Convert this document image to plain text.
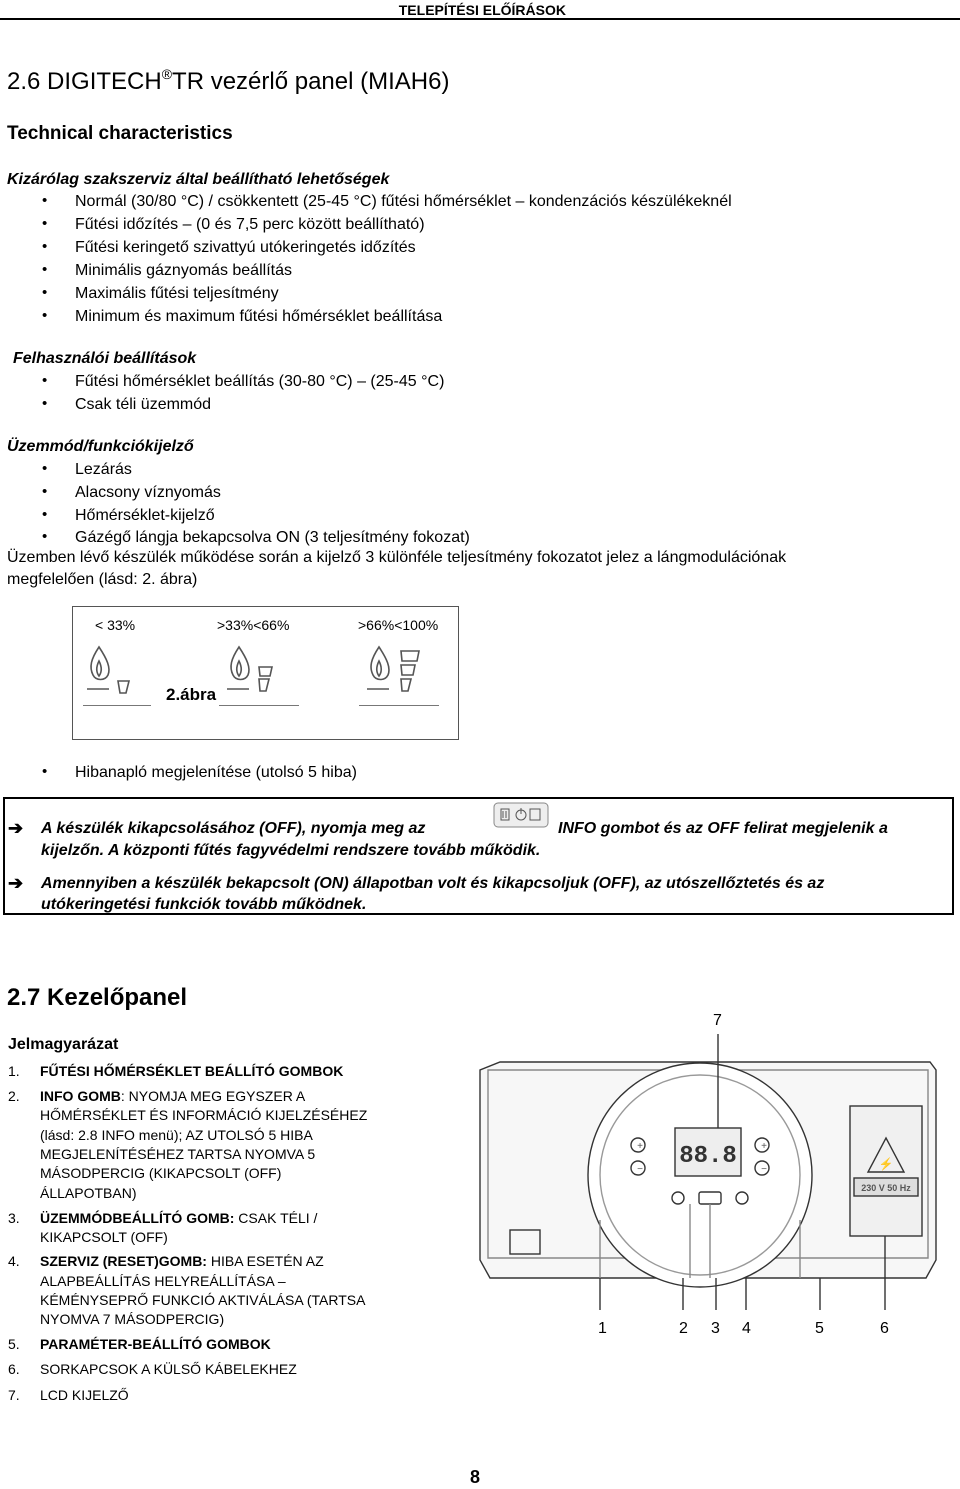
TELEPÍTÉSI ELŐÍRÁSOK
2.6 DIGITECH®TR vezérlő panel (MIAH6)
Technical characteristics
Kizárólag szakszerviz által beállítható lehetőségek
• Normál (30/80 °C) / csökkentett (25-45 °C) fűtési hőmérséklet – kondenzációs készülékeknél
• Fűtési időzítés – (0 és 7,5 perc között beállítható)
• Fűtési keringető szivattyú utókeringetés időzítés
• Minimális gáznyomás beállítás
• Maximális fűtési teljesítmény
• Minimum és maximum fűtési hőmérséklet beállítása
Felhasználói beállítások
• Fűtési hőmérséklet beállítás (30-80 °C) – (25-45 °C)
• Csak téli üzemmód
Üzemmód/funkciókijelző
• Lezárás
• Alacsony víznyomás
• Hőmérséklet-kijelző
• Gázégő lángja bekapcsolva ON (3 teljesítmény fokozat)
Üzemben lévő készülék működése során a kijelző 3 különféle teljesítmény fokozatot jelez a lángmodulációnak
megfelelően (lásd: 2. ábra)
< 33%	>33%<66%	>66%<100%
2.ábra
• Hibanapló megjelenítése (utolsó 5 hiba)
➔ A készülék kikapcsolásához (OFF), nyomja meg az	INFO gombot és az OFF felirat megjelenik a
kijelzőn. A központi fűtés fagyvédelmi rendszere tovább működik.
➔ Amennyiben a készülék bekapcsolt (ON) állapotban volt és kikapcsoljuk (OFF), az utószellőztetés és az
utókeringetési funkciók tovább működnek.
2.7 Kezelőpanel
Jelmagyarázat
1. FŰTÉSI HŐMÉRSÉKLET BEÁLLÍTÓ GOMBOK
2. INFO GOMB: NYOMJA MEG EGYSZER A
HŐMÉRSÉKLET ÉS INFORMÁCIÓ KIJELZÉSÉHEZ
(lásd: 2.8 INFO menü); AZ UTOLSÓ 5 HIBA
MEGJELENÍTÉSÉHEZ TARTSA NYOMVA 5
MÁSODPERCIG (KIKAPCSOLT (OFF)
ÁLLAPOTBAN)
3. ÜZEMMÓDBEÁLLÍTÓ GOMB: CSAK TÉLI /
KIKAPCSOLT (OFF)
4. SZERVIZ (RESET)GOMB: HIBA ESETÉN AZ
ALAPBEÁLLÍTÁS HELYREÁLLÍTÁSA –
KÉMÉNYSEPRŐ FUNKCIÓ AKTIVÁLÁSA (TARTSA
NYOMVA 7 MÁSODPERCIG)
5. PARAMÉTER-BEÁLLÍTÓ GOMBOK
6. SORKAPCSOK A KÜLSŐ KÁBELEKHEZ
7. LCD KIJELZŐ
+	+
−	−	⚡
88.8
230 V 50 Hz
7
1	2 3 4	5	6
8
